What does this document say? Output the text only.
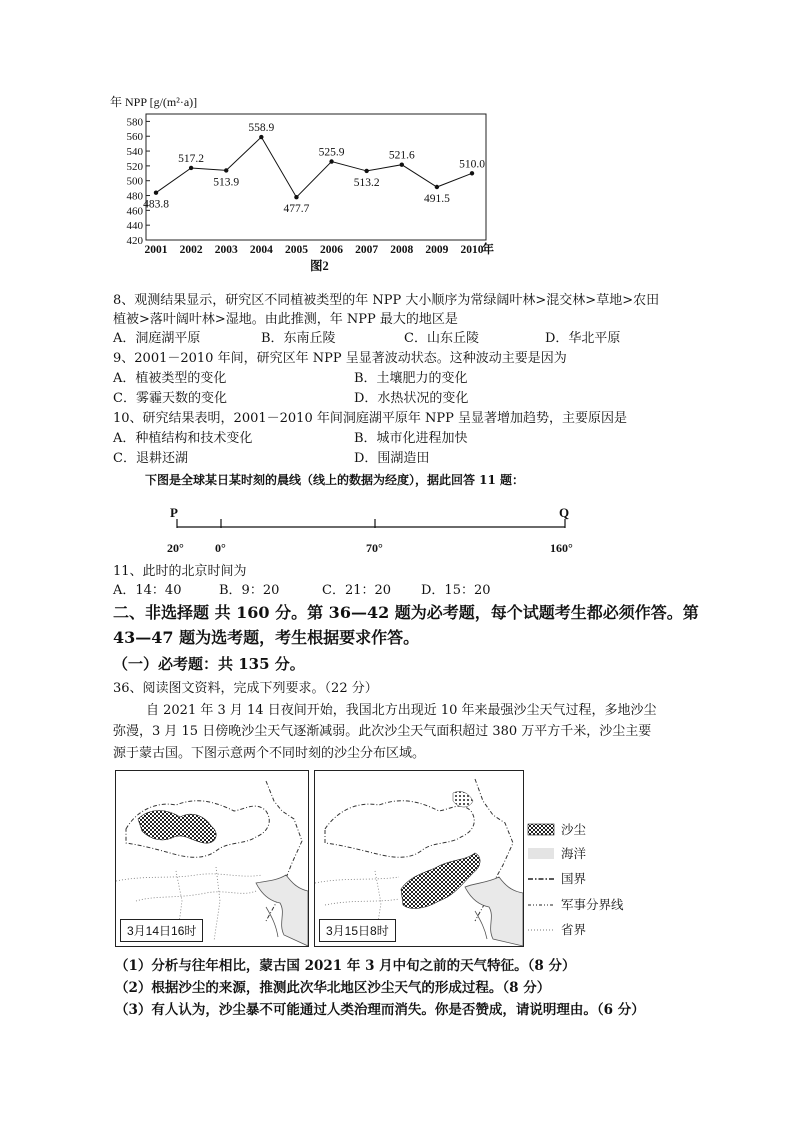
年 NPP [g/(m²·a)]
420
440
460
480
500
520
540
560
580
2001 2002 2003 2004 2005 2006 2007 2008 2009 2010
483.8
517.2
513.9
558.9
477.7
525.9
513.2
521.6
491.5
510.0
年
图2
8、观测结果显示，研究区不同植被类型的年 NPP 大小顺序为常绿阔叶林>混交林>草地>农田
植被>落叶阔叶林>湿地。由此推测，年 NPP 最大的地区是
A．洞庭湖平原	B．东南丘陵	C．山东丘陵	D．华北平原
9、2001－2010 年间，研究区年 NPP 呈显著波动状态。这种波动主要是因为
A．植被类型的变化	B．土壤肥力的变化
C．雾霾天数的变化	D．水热状况的变化
10、研究结果表明，2001－2010 年间洞庭湖平原年 NPP 呈显著增加趋势，主要原因是
A．种植结构和技术变化	B．城市化进程加快
C．退耕还湖	D．围湖造田
下图是全球某日某时刻的晨线（线上的数据为经度），据此回答 11 题：
P	Q
20°	0°	70°	160°
11、此时的北京时间为
A．14：40	B．9：20	C．21：20 D．15：20
二、非选择题 共 160 分。第 36—42 题为必考题，每个试题考生都必须作答。第
43—47 题为选考题，考生根据要求作答。
（一）必考题：共 135 分。
36、阅读图文资料，完成下列要求。（22 分）
自 2021 年 3 月 14 日夜间开始，我国北方出现近 10 年来最强沙尘天气过程，多地沙尘
弥漫，3 月 15 日傍晚沙尘天气逐渐减弱。此次沙尘天气面积超过 380 万平方千米，沙尘主要
源于蒙古国。下图示意两个不同时刻的沙尘分布区域。
3月14日16时	3月15日8时
沙尘
海洋
国界
军事分界线
省界
（1）分析与往年相比，蒙古国 2021 年 3 月中旬之前的天气特征。（8 分）
（2）根据沙尘的来源，推测此次华北地区沙尘天气的形成过程。（8 分）
（3）有人认为，沙尘暴不可能通过人类治理而消失。你是否赞成，请说明理由。（6 分）
